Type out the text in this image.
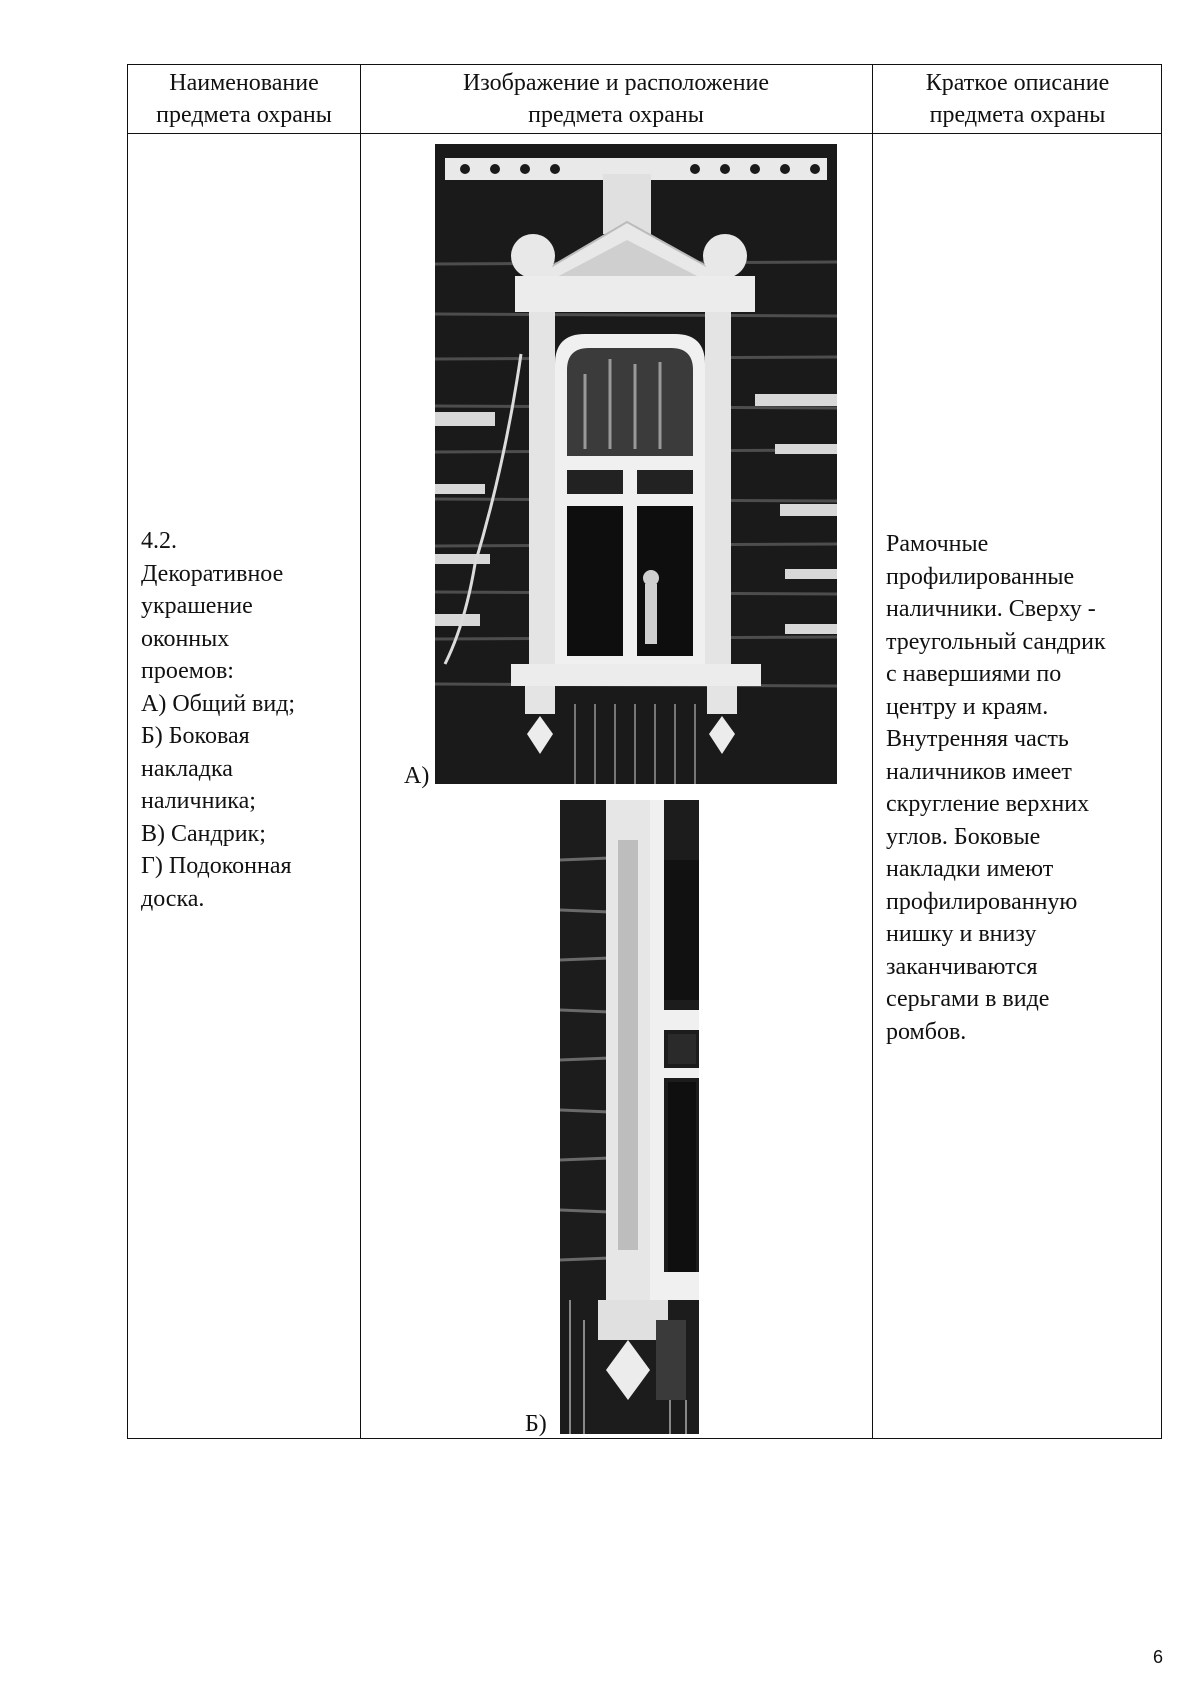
Наименование
предмета охраны
Изображение и расположение
предмета охраны
Краткое описание
предмета охраны
4.2.
Декоративное
украшение
оконных
проемов:
А) Общий вид;
Б) Боковая
накладка
наличника;
В) Сандрик;
Г) Подоконная
доска.
А)
Б)
Рамочные
профилированные
наличники. Сверху -
треугольный сандрик
с навершиями по
центру и краям.
Внутренняя часть
наличников имеет
скругление верхних
углов. Боковые
накладки имеют
профилированную
нишку и внизу
заканчиваются
серьгами в виде
ромбов.
6
